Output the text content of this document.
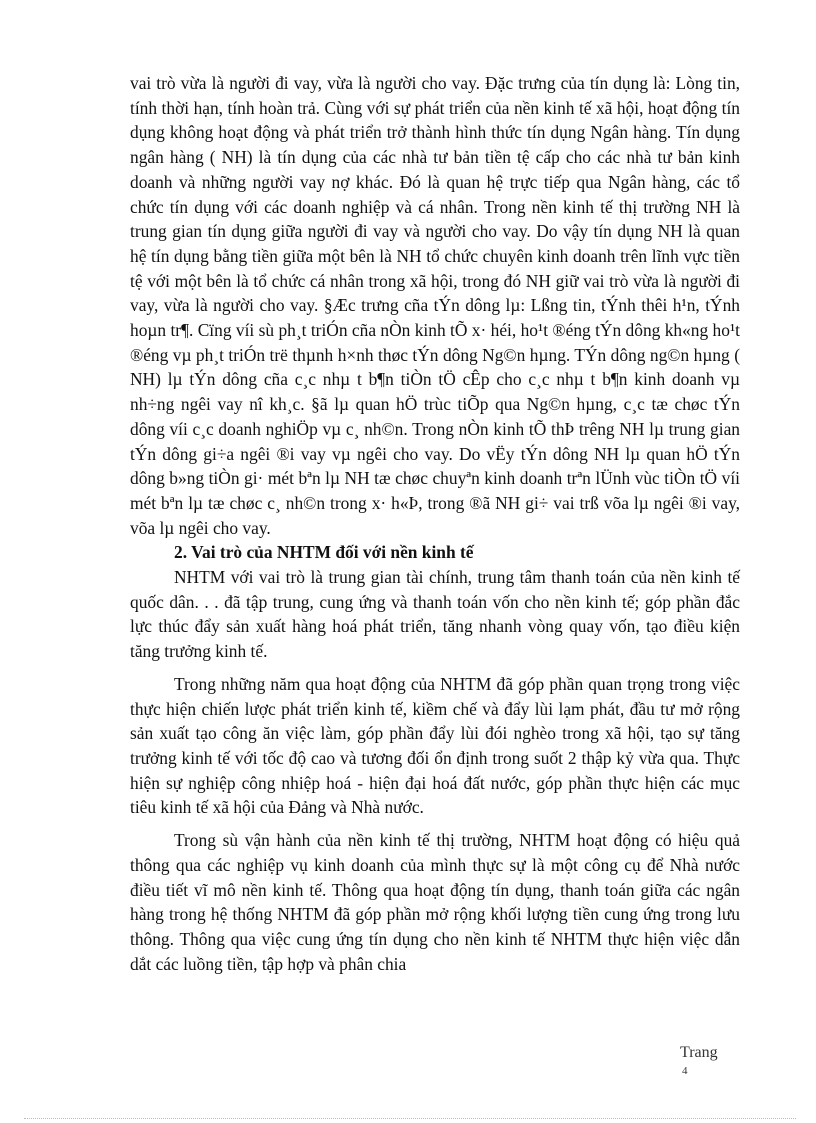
vai trò vừa là người đi vay, vừa là người cho vay. Đặc trưng của tín dụng là: Lòng tin, tính thời hạn, tính hoàn trả. Cùng với sự phát triển của nền kinh tế xã hội, hoạt động tín dụng không hoạt động và phát triển trở thành hình thức tín dụng Ngân hàng. Tín dụng ngân hàng ( NH) là tín dụng của các nhà tư bản tiền tệ cấp cho các nhà tư bản kinh doanh và những người vay nợ khác. Đó là quan hệ trực tiếp qua Ngân hàng, các tổ chức tín dụng với các doanh nghiệp và cá nhân. Trong nền kinh tế thị trường NH là trung gian tín dụng giữa người đi vay và người cho vay. Do vậy tín dụng NH là quan hệ tín dụng bằng tiền giữa một bên là NH tổ chức chuyên kinh doanh trên lĩnh vực tiền tệ với một bên là tổ chức cá nhân trong xã hội, trong đó NH giữ vai trò vừa là người đi vay, vừa là người cho vay. §Æc trưng cña tÝn dông lµ: Lßng tin, tÝnh thêi h¹n, tÝnh hoµn tr¶. Cïng víi sù ph¸t triÓn cña nÒn kinh tÕ x· héi, ho¹t ®éng tÝn dông kh«ng ho¹t ®éng vµ ph¸t triÓn trë thµnh h×nh thøc tÝn dông Ng©n hµng. TÝn dông ng©n hµng ( NH) lµ tÝn dông cña c¸c nhµ t b¶n tiÒn tÖ cÊp cho c¸c nhµ t b¶n kinh doanh vµ nh÷ng ngêi vay nî kh¸c. §ã lµ quan hÖ trùc tiÕp qua Ng©n hµng, c¸c tæ chøc tÝn dông víi c¸c doanh nghiÖp vµ c¸ nh©n. Trong nÒn kinh tÕ thÞ trêng NH lµ trung gian tÝn dông gi÷a ngêi ®i vay vµ ngêi cho vay. Do vËy tÝn dông NH lµ quan hÖ tÝn dông b»ng tiÒn gi· mét bªn lµ NH tæ chøc chuyªn kinh doanh trªn lÜnh vùc tiÒn tÖ víi mét bªn lµ tæ chøc c¸ nh©n trong x· h«Þ, trong ®ã NH gi÷ vai trß võa lµ ngêi ®i vay, võa lµ ngêi cho vay.

2. Vai trò của NHTM đối với nền kinh tế

NHTM với vai trò là trung gian tài chính, trung tâm thanh toán của nền kinh tế quốc dân. . . đã tập trung, cung ứng và thanh toán vốn cho nền kinh tế; góp phần đắc lực thúc đẩy sản xuất hàng hoá phát triển, tăng nhanh vòng quay vốn, tạo điều kiện tăng trưởng kinh tế.

Trong những năm qua hoạt động của NHTM đã góp phần quan trọng trong việc thực hiện chiến lược phát triển kinh tế, kiềm chế và đẩy lùi lạm phát, đầu tư mở rộng sản xuất tạo công ăn việc làm, góp phần đẩy lùi đói nghèo trong xã hội, tạo sự tăng trưởng kinh tế với tốc độ cao và tương đối ổn định trong suốt 2 thập kỷ vừa qua. Thực hiện sự nghiệp công nhiệp hoá - hiện đại hoá đất nước, góp phần thực hiện các mục tiêu kinh tế xã hội của Đảng và Nhà nước.

Trong sù vận hành của nền kinh tế thị trường, NHTM hoạt động có hiệu quả thông qua các nghiệp vụ kinh doanh của mình thực sự là một công cụ để Nhà nước điều tiết vĩ mô nền kinh tế. Thông qua hoạt động tín dụng, thanh toán giữa các ngân hàng trong hệ thống NHTM đã góp phần mở rộng khối lượng tiền cung ứng trong lưu thông. Thông qua việc cung ứng tín dụng cho nền kinh tế NHTM thực hiện việc dẫn dắt các luồng tiền, tập hợp và phân chia

Trang
4
